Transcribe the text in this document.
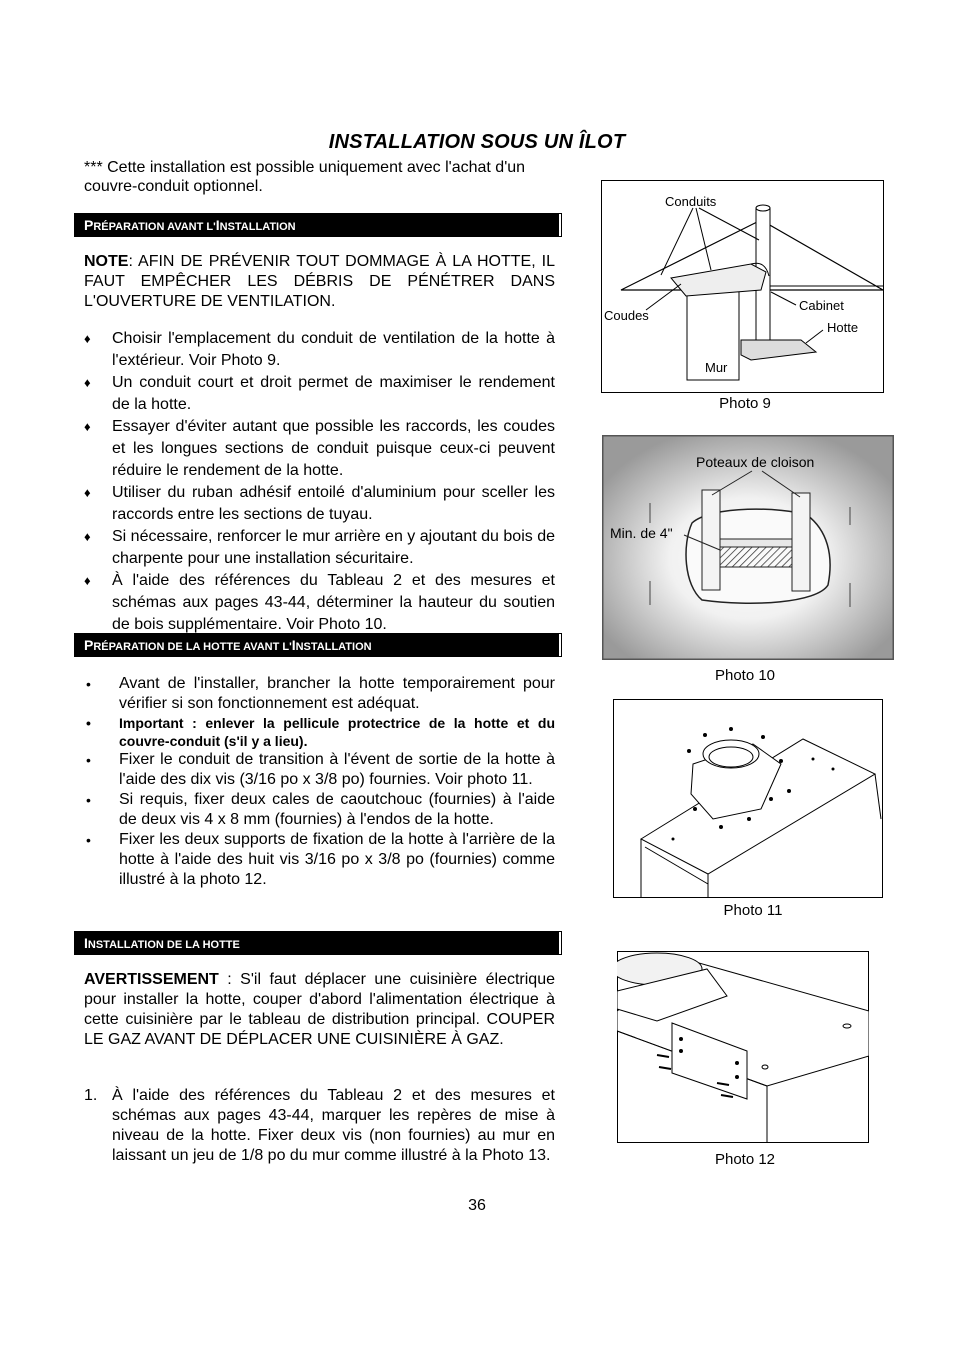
INSTALLATION SOUS UN ÎLOT
*** Cette installation est possible uniquement avec l'achat d'un couvre-conduit optionnel.
PRÉPARATION AVANT L'INSTALLATION
NOTE: AFIN DE PRÉVENIR TOUT DOMMAGE À LA HOTTE, IL FAUT EMPÊCHER LES DÉBRIS DE PÉNÉTRER DANS L'OUVERTURE DE VENTILATION.
♦ Choisir l'emplacement du conduit de ventilation de la hotte à l'extérieur. Voir Photo 9.
♦ Un conduit court et droit permet de maximiser le rendement de la hotte.
♦ Essayer d'éviter autant que possible les raccords, les coudes et les longues sections de conduit puisque ceux-ci peuvent réduire le rendement de la hotte.
♦ Utiliser du ruban adhésif entoilé d'aluminium pour sceller les raccords entre les sections de tuyau.
♦ Si nécessaire, renforcer le mur arrière en y ajoutant du bois de charpente pour une installation sécuritaire.
♦ À l'aide des références du Tableau 2 et des mesures et schémas aux pages 43-44, déterminer la hauteur du soutien de bois supplémentaire. Voir Photo 10.
PRÉPARATION DE LA HOTTE AVANT L'INSTALLATION
• Avant de l'installer, brancher la hotte temporairement pour vérifier si son fonctionnement est adéquat.
• Important : enlever la pellicule protectrice de la hotte et du couvre-conduit (s'il y a lieu).
• Fixer le conduit de transition à l'évent de sortie de la hotte à l'aide des dix vis (3/16 po x 3/8 po) fournies. Voir photo 11.
• Si requis, fixer deux cales de caoutchouc (fournies) à l'aide de deux vis 4 x 8 mm (fournies) à l'endos de la hotte.
• Fixer les deux supports de fixation de la hotte à l'arrière de la hotte à l'aide des huit vis 3/16 po x 3/8 po (fournies) comme illustré à la photo 12.
INSTALLATION DE LA HOTTE
AVERTISSEMENT : S'il faut déplacer une cuisinière électrique pour installer la hotte, couper d'abord l'alimentation électrique à cette cuisinière par le tableau de distribution principal. COUPER LE GAZ AVANT DE DÉPLACER UNE CUISINIÈRE À GAZ.
1. À l'aide des références du Tableau 2 et des mesures et schémas aux pages 43-44, marquer les repères de mise à niveau de la hotte. Fixer deux vis (non fournies) au mur en laissant un jeu de 1/8 po du mur comme illustré à la Photo 13.
36
Conduits
Coudes
Cabinet
Hotte
Mur
Photo 9
Poteaux de cloison
Min. de 4"
Photo 10
Photo 11
Photo 12
